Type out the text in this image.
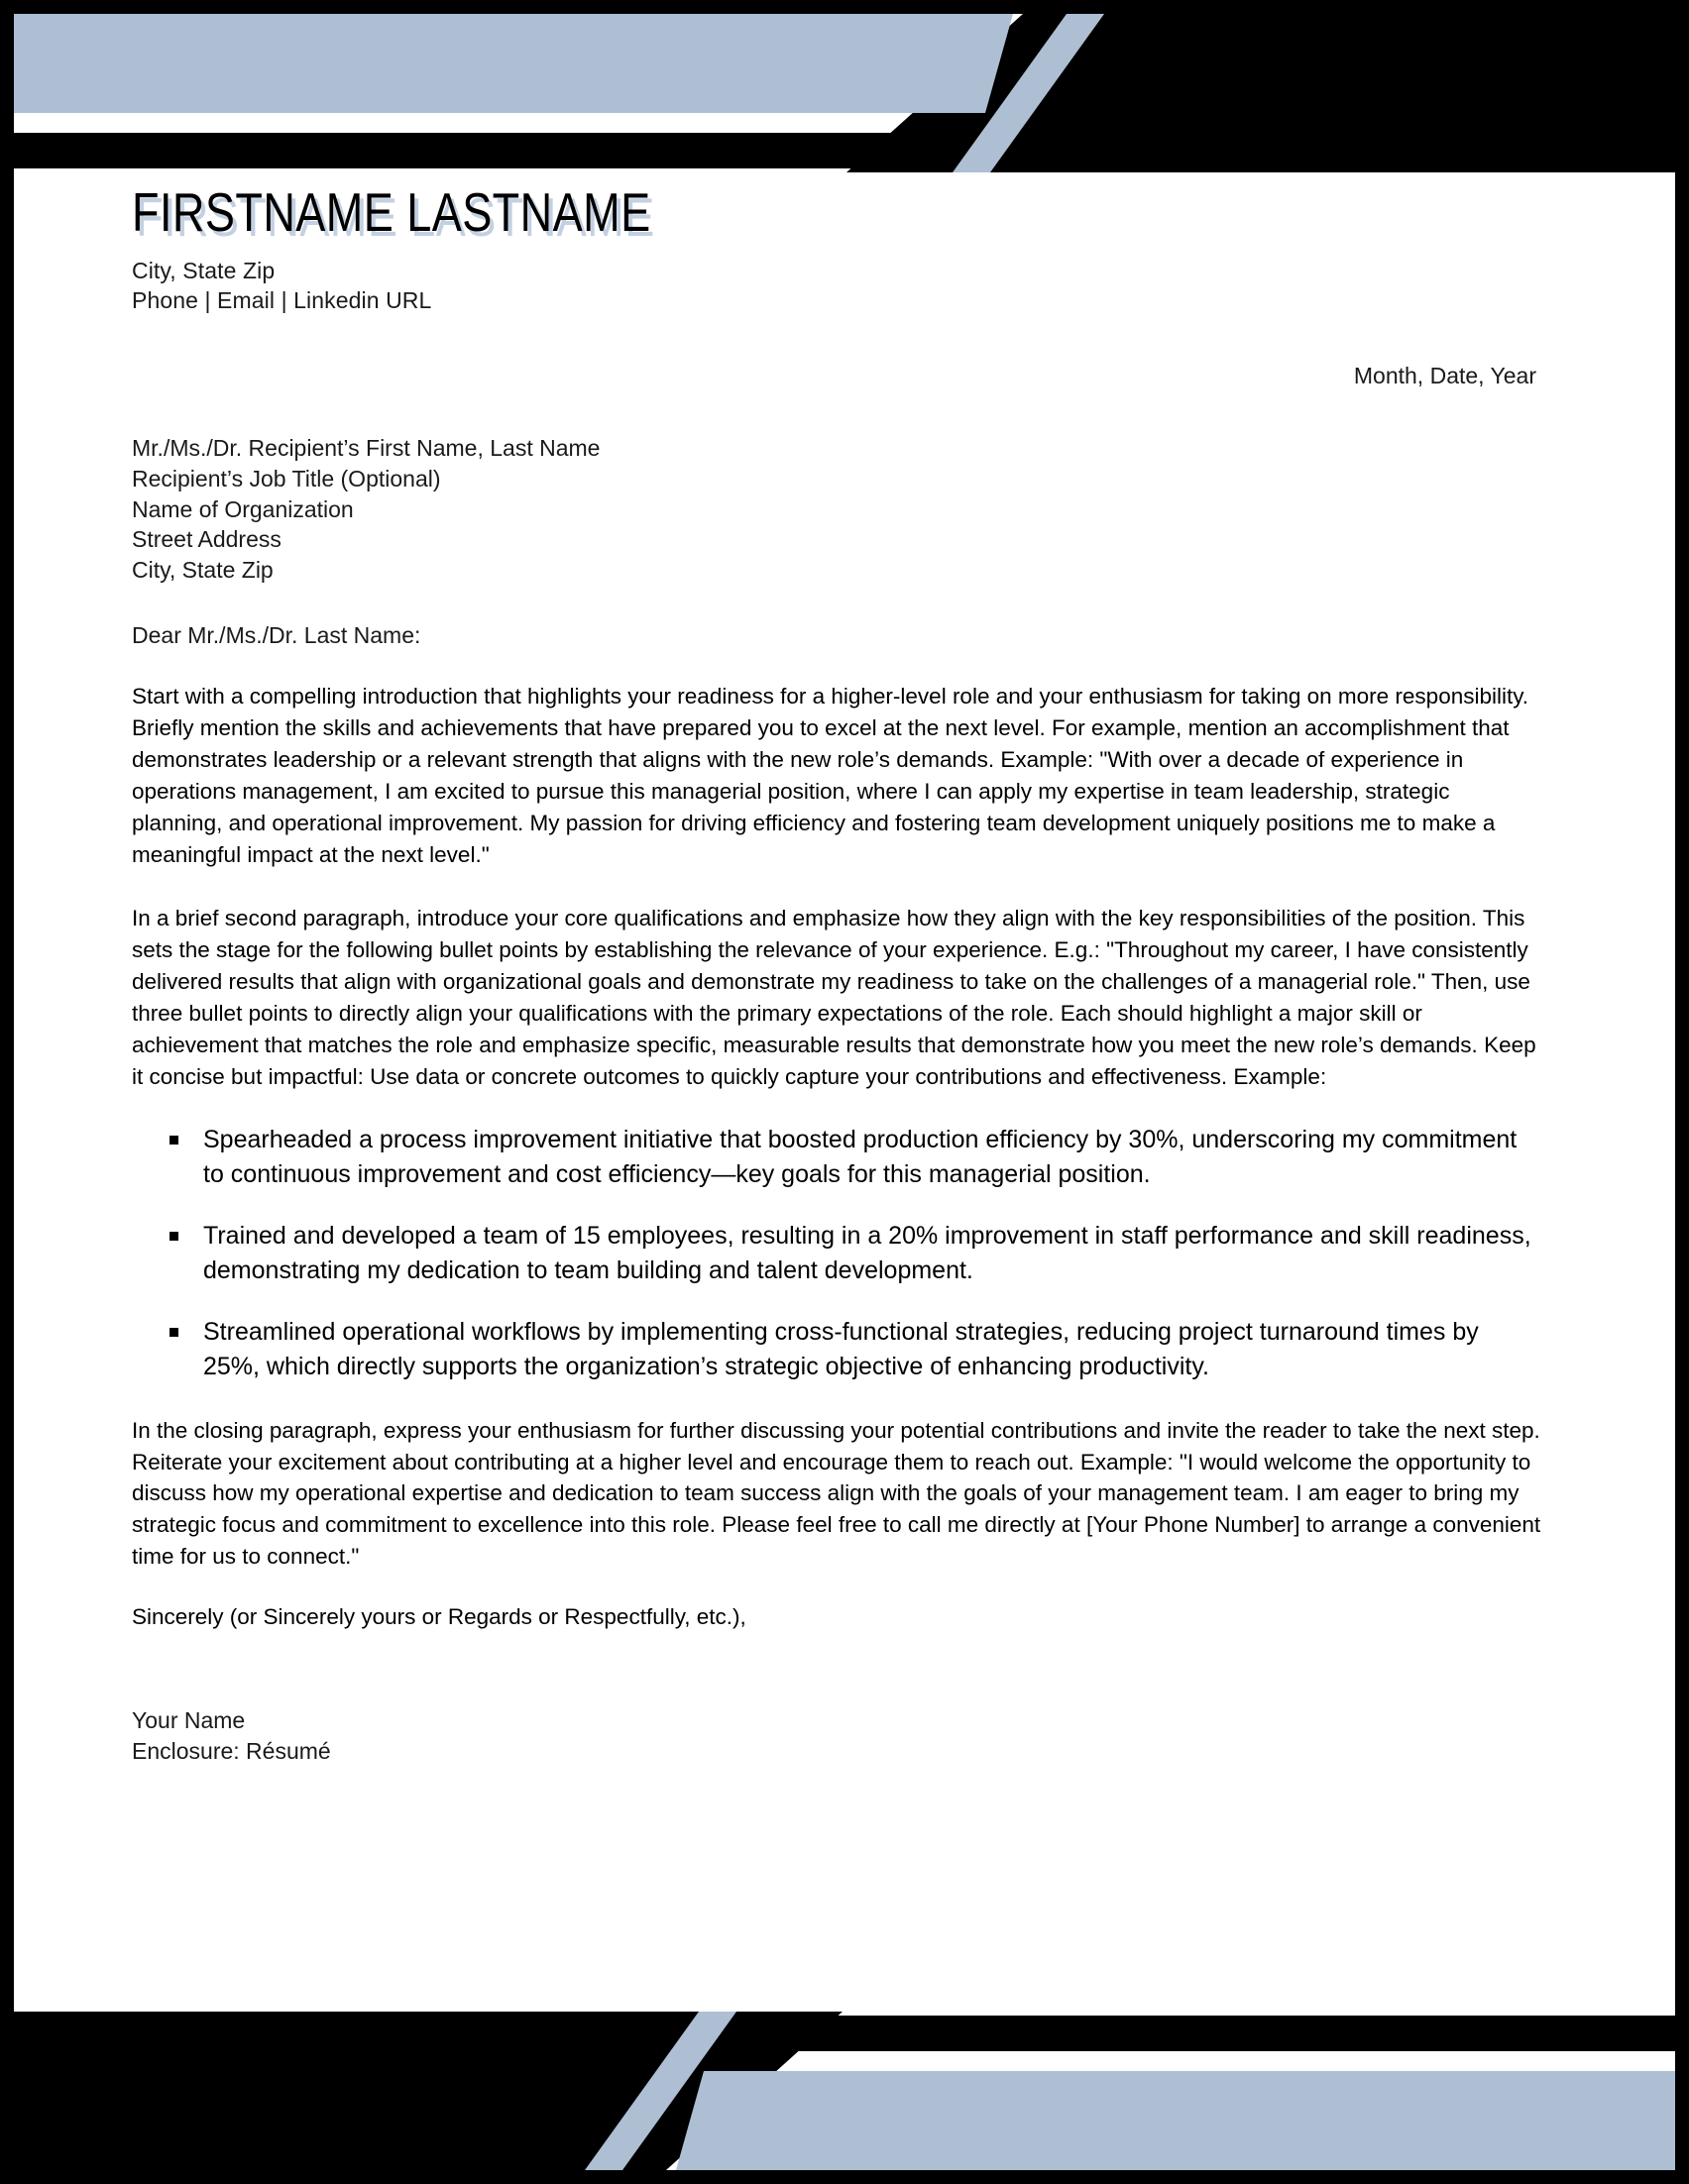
FIRSTNAME LASTNAME
City, State Zip
Phone | Email | Linkedin URL
Month, Date, Year
Mr./Ms./Dr. Recipient’s First Name, Last Name
Recipient’s Job Title (Optional)
Name of Organization
Street Address
City, State Zip
Dear Mr./Ms./Dr. Last Name:

Start with a compelling introduction that highlights your readiness for a higher-level role and your enthusiasm for taking on more responsibility. Briefly mention the skills and achievements that have prepared you to excel at the next level. For example, mention an accomplishment that demonstrates leadership or a relevant strength that aligns with the new role’s demands. Example: "With over a decade of experience in operations management, I am excited to pursue this managerial position, where I can apply my expertise in team leadership, strategic planning, and operational improvement. My passion for driving efficiency and fostering team development uniquely positions me to make a meaningful impact at the next level."

In a brief second paragraph, introduce your core qualifications and emphasize how they align with the key responsibilities of the position. This sets the stage for the following bullet points by establishing the relevance of your experience. E.g.: "Throughout my career, I have consistently delivered results that align with organizational goals and demonstrate my readiness to take on the challenges of a managerial role." Then, use three bullet points to directly align your qualifications with the primary expectations of the role. Each should highlight a major skill or achievement that matches the role and emphasize specific, measurable results that demonstrate how you meet the new role’s demands. Keep it concise but impactful: Use data or concrete outcomes to quickly capture your contributions and effectiveness. Example:

Spearheaded a process improvement initiative that boosted production efficiency by 30%, underscoring my commitment to continuous improvement and cost efficiency—key goals for this managerial position.
Trained and developed a team of 15 employees, resulting in a 20% improvement in staff performance and skill readiness, demonstrating my dedication to team building and talent development.
Streamlined operational workflows by implementing cross-functional strategies, reducing project turnaround times by 25%, which directly supports the organization’s strategic objective of enhancing productivity.

In the closing paragraph, express your enthusiasm for further discussing your potential contributions and invite the reader to take the next step. Reiterate your excitement about contributing at a higher level and encourage them to reach out. Example: "I would welcome the opportunity to discuss how my operational expertise and dedication to team success align with the goals of your management team. I am eager to bring my strategic focus and commitment to excellence into this role. Please feel free to call me directly at [Your Phone Number] to arrange a convenient time for us to connect."

Sincerely (or Sincerely yours or Regards or Respectfully, etc.),
Your Name
Enclosure: Résumé
